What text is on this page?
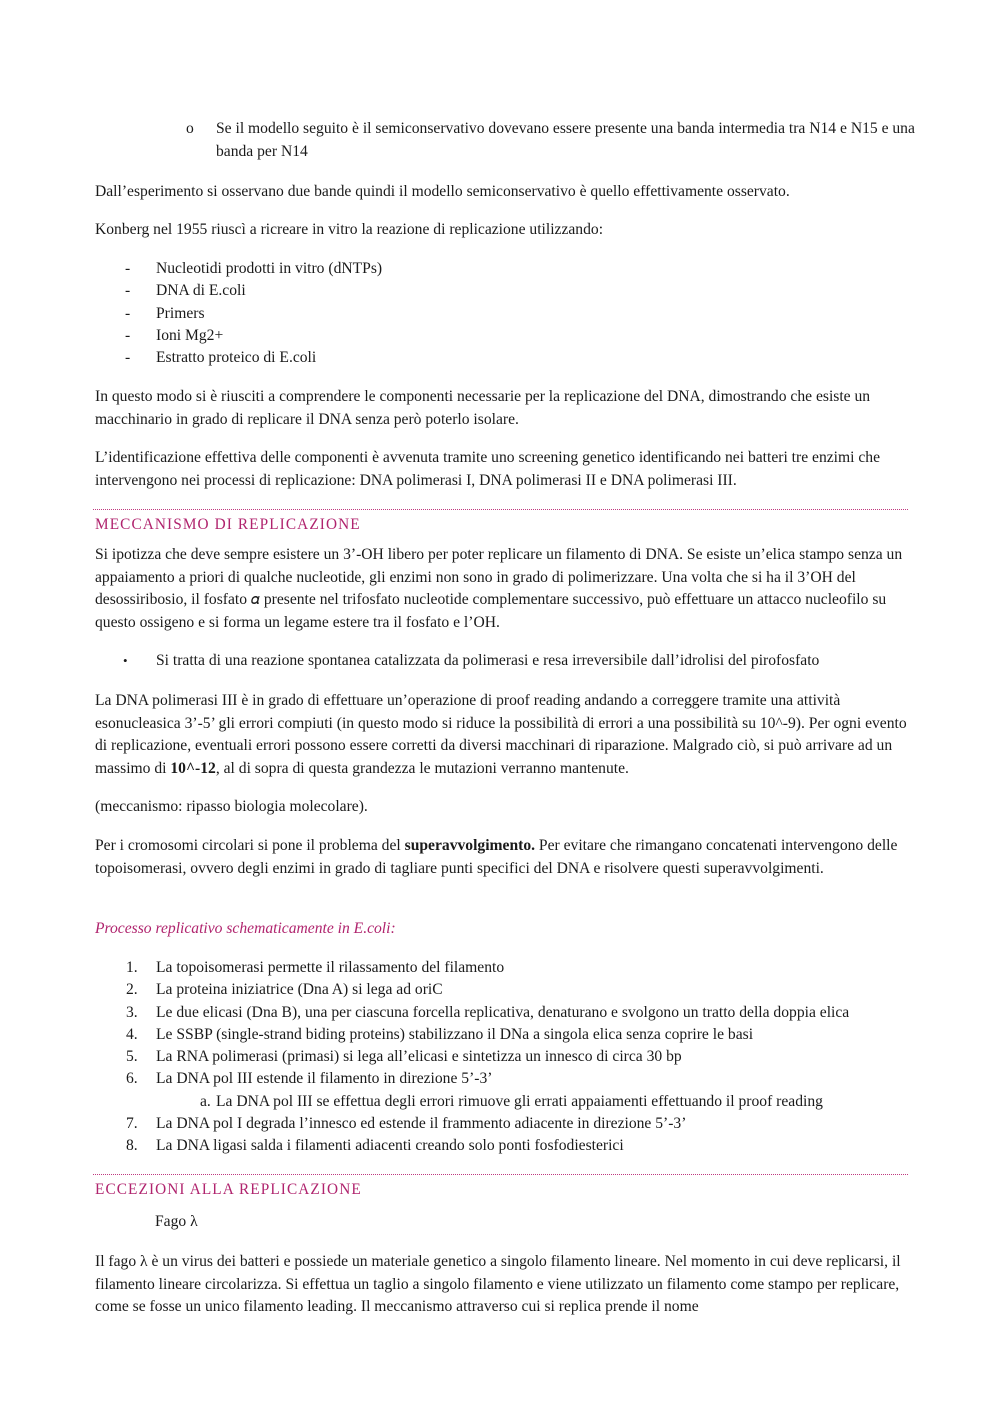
o Se il modello seguito è il semiconservativo dovevano essere presente una banda intermedia tra N14 e N15 e una banda per N14

Dall’esperimento si osservano due bande quindi il modello semiconservativo è quello effettivamente osservato.

Konberg nel 1955 riuscì a ricreare in vitro la reazione di replicazione utilizzando:

- Nucleotidi prodotti in vitro (dNTPs)
- DNA di E.coli
- Primers
- Ioni Mg2+
- Estratto proteico di E.coli

In questo modo si è riusciti a comprendere le componenti necessarie per la replicazione del DNA, dimostrando che esiste un macchinario in grado di replicare il DNA senza però poterlo isolare.

L’identificazione effettiva delle componenti è avvenuta tramite uno screening genetico identificando nei batteri tre enzimi che intervengono nei processi di replicazione: DNA polimerasi I, DNA polimerasi II e DNA polimerasi III.

MECCANISMO DI REPLICAZIONE

Si ipotizza che deve sempre esistere un 3’-OH libero per poter replicare un filamento di DNA. Se esiste un’elica stampo senza un appaiamento a priori di qualche nucleotide, gli enzimi non sono in grado di polimerizzare. Una volta che si ha il 3’OH del desossiribosio, il fosfato 𝛼 presente nel trifosfato nucleotide complementare successivo, può effettuare un attacco nucleofilo su questo ossigeno e si forma un legame estere tra il fosfato e l’OH.

• Si tratta di una reazione spontanea catalizzata da polimerasi e resa irreversibile dall’idrolisi del pirofosfato

La DNA polimerasi III è in grado di effettuare un’operazione di proof reading andando a correggere tramite una attività esonucleasica 3’-5’ gli errori compiuti (in questo modo si riduce la possibilità di errori a una possibilità su 10^-9). Per ogni evento di replicazione, eventuali errori possono essere corretti da diversi macchinari di riparazione. Malgrado ciò, si può arrivare ad un massimo di 10^-12, al di sopra di questa grandezza le mutazioni verranno mantenute.

(meccanismo: ripasso biologia molecolare).

Per i cromosomi circolari si pone il problema del superavvolgimento. Per evitare che rimangano concatenati intervengono delle topoisomerasi, ovvero degli enzimi in grado di tagliare punti specifici del DNA e risolvere questi superavvolgimenti.

Processo replicativo schematicamente in E.coli:
1. La topoisomerasi permette il rilassamento del filamento
2. La proteina iniziatrice (Dna A) si lega ad oriC
3. Le due elicasi (Dna B), una per ciascuna forcella replicativa, denaturano e svolgono un tratto della doppia elica
4. Le SSBP (single-strand biding proteins) stabilizzano il DNa a singola elica senza coprire le basi
5. La RNA polimerasi (primasi) si lega all’elicasi e sintetizza un innesco di circa 30 bp
6. La DNA pol III estende il filamento in direzione 5’-3’
a. La DNA pol III se effettua degli errori rimuove gli errati appaiamenti effettuando il proof reading
7. La DNA pol I degrada l’innesco ed estende il frammento adiacente in direzione 5’-3’
8. La DNA ligasi salda i filamenti adiacenti creando solo ponti fosfodiesterici
ECCEZIONI ALLA REPLICAZIONE
Fago λ

Il fago λ è un virus dei batteri e possiede un materiale genetico a singolo filamento lineare. Nel momento in cui deve replicarsi, il filamento lineare circolarizza. Si effettua un taglio a singolo filamento e viene utilizzato un filamento come stampo per replicare, come se fosse un unico filamento leading. Il meccanismo attraverso cui si replica prende il nome
